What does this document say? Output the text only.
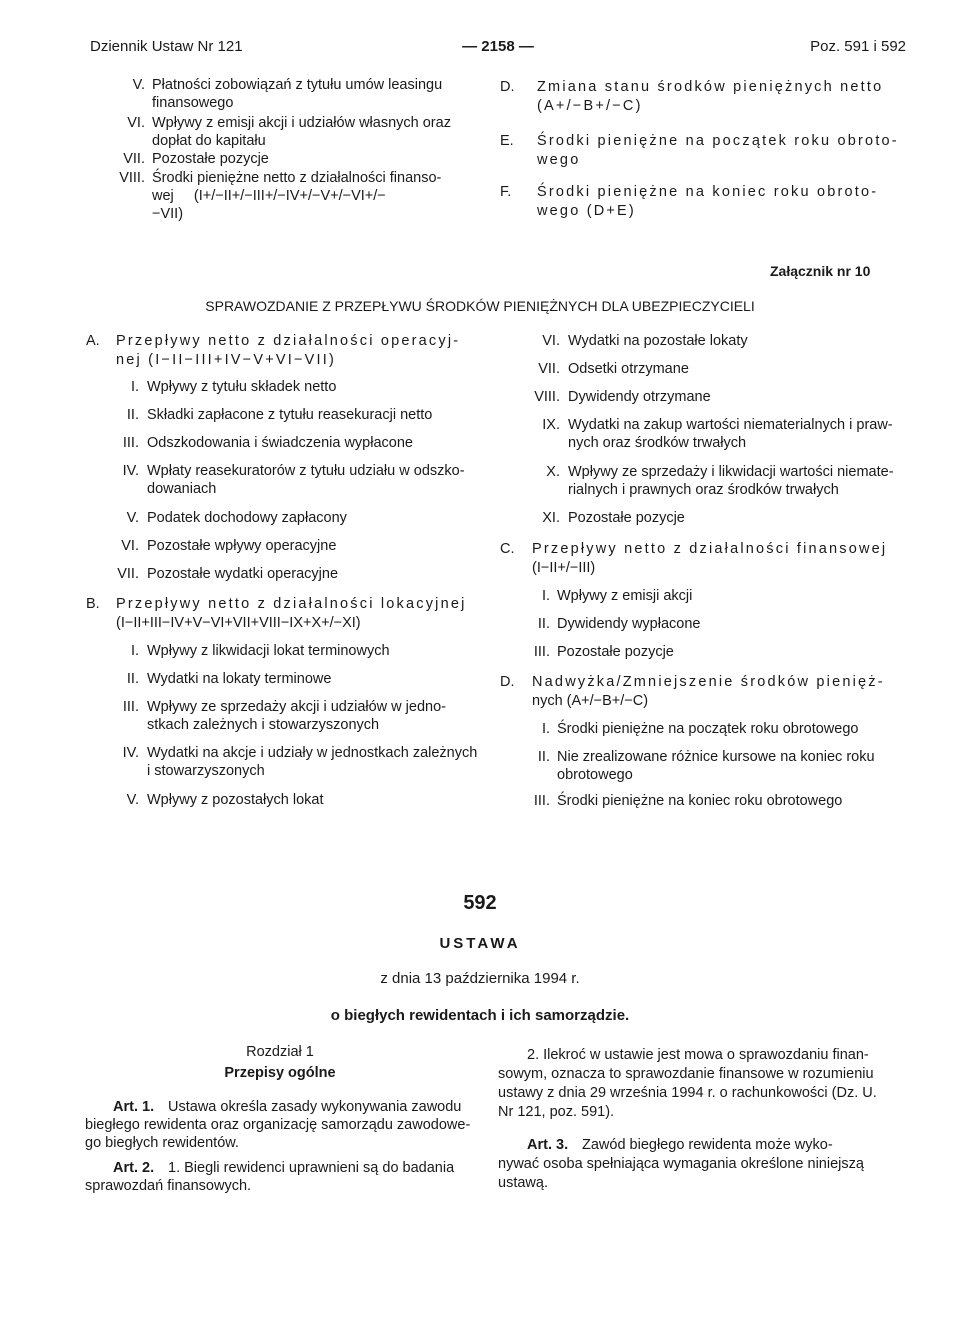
Dziennik Ustaw Nr 121	— 2158 —	Poz. 591 i 592
V. Płatności zobowiązań z tytułu umów leasingu
finansowego
VI. Wpływy z emisji akcji i udziałów własnych oraz
dopłat do kapitału
VII. Pozostałe pozycje
VIII. Środki pieniężne netto z działalności finanso-
wej     (I+/−II+/−III+/−IV+/−V+/−VI+/−
−VII)
D. Zmiana stanu środków pieniężnych netto
(A+/−B+/−C)
E. Środki pieniężne na początek roku obroto-
wego
F. Środki pieniężne na koniec roku obroto-
wego (D+E)
Załącznik nr 10
SPRAWOZDANIE Z PRZEPŁYWU ŚRODKÓW PIENIĘŻNYCH DLA UBEZPIECZYCIELI
A. Przepływy netto z działalności operacyj-
nej (I−II−III+IV−V+VI−VII)
I. Wpływy z tytułu składek netto
II. Składki zapłacone z tytułu reasekuracji netto
III. Odszkodowania i świadczenia wypłacone
IV. Wpłaty reasekuratorów z tytułu udziału w odszko-
dowaniach
V. Podatek dochodowy zapłacony
VI. Pozostałe wpływy operacyjne
VII. Pozostałe wydatki operacyjne
B. Przepływy netto z działalności lokacyjnej
(I−II+III−IV+V−VI+VII+VIII−IX+X+/−XI)
I. Wpływy z likwidacji lokat terminowych
II. Wydatki na lokaty terminowe
III. Wpływy ze sprzedaży akcji i udziałów w jedno-
stkach zależnych i stowarzyszonych
IV. Wydatki na akcje i udziały w jednostkach zależnych
i stowarzyszonych
V. Wpływy z pozostałych lokat
VI. Wydatki na pozostałe lokaty
VII. Odsetki otrzymane
VIII. Dywidendy otrzymane
IX. Wydatki na zakup wartości niematerialnych i praw-
nych oraz środków trwałych
X. Wpływy ze sprzedaży i likwidacji wartości niemate-
rialnych i prawnych oraz środków trwałych
XI. Pozostałe pozycje
C. Przepływy netto z działalności finansowej
(I−II+/−III)
I. Wpływy z emisji akcji
II. Dywidendy wypłacone
III. Pozostałe pozycje
D. Nadwyżka/Zmniejszenie środków pienięż-
nych (A+/−B+/−C)
I. Środki pieniężne na początek roku obrotowego
II. Nie zrealizowane różnice kursowe na koniec roku
obrotowego
III. Środki pieniężne na koniec roku obrotowego
592
USTAWA
z dnia 13 października 1994 r.
o biegłych rewidentach i ich samorządzie.
Rozdział 1
Przepisy ogólne
Art. 1. Ustawa określa zasady wykonywania zawodu
biegłego rewidenta oraz organizację samorządu zawodowe-
go biegłych rewidentów.
Art. 2. 1. Biegli rewidenci uprawnieni są do badania
sprawozdań finansowych.
2. Ilekroć w ustawie jest mowa o sprawozdaniu finan-
sowym, oznacza to sprawozdanie finansowe w rozumieniu
ustawy z dnia 29 września 1994 r. o rachunkowości (Dz. U.
Nr 121, poz. 591).
Art. 3. Zawód biegłego rewidenta może wyko-
nywać osoba spełniająca wymagania określone niniejszą
ustawą.
